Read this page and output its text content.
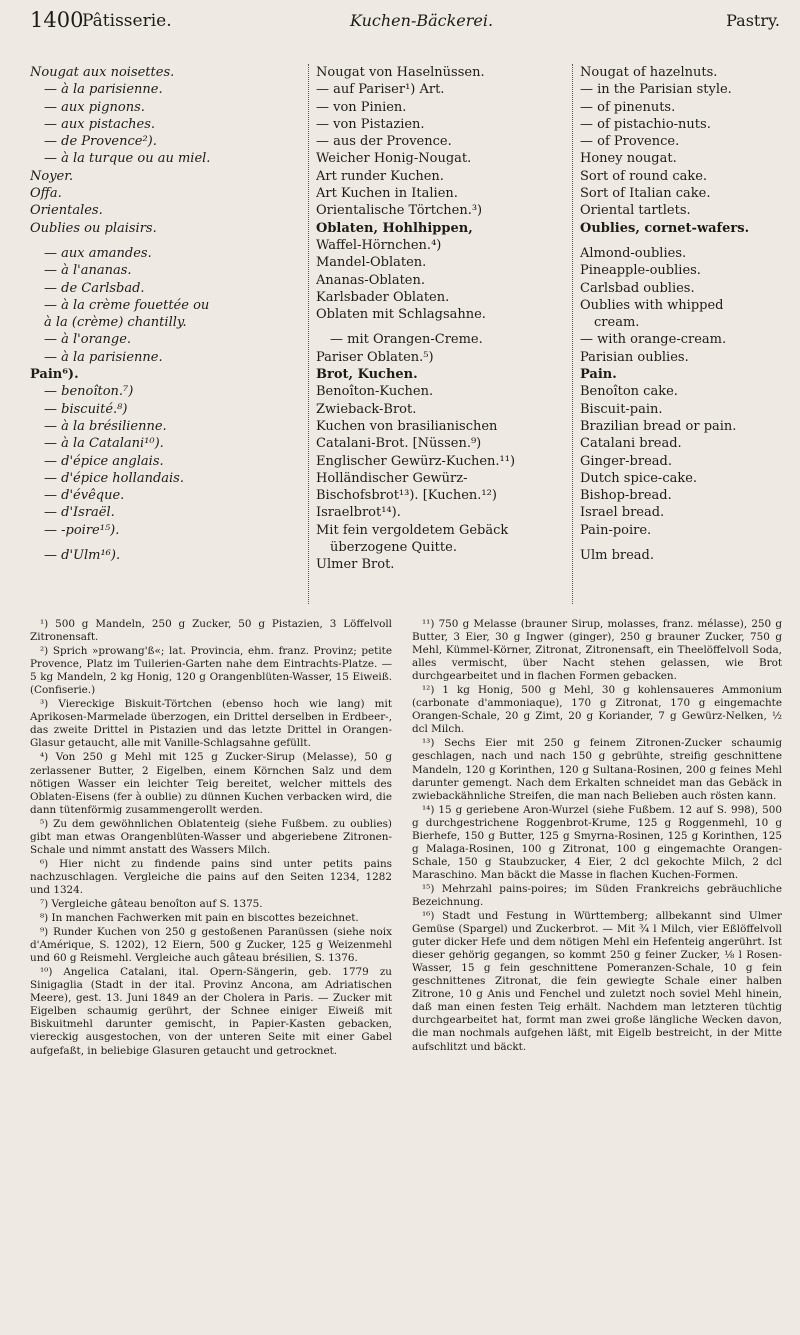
1400
Pâtisserie.	Kuchen-Bäckerei.	Pastry.
Nougat aux noisettes.
— à la parisienne.
— aux pignons.
— aux pistaches.
— de Provence²).
— à la turque ou au miel.
Noyer.
Offa.
Orientales.
Oublies ou plaisirs.
— aux amandes.
— à l'ananas.
— de Carlsbad.
— à la crème fouettée ou
à la (crème) chantilly.
— à l'orange.
— à la parisienne.
Pain⁶).
— benoîton.⁷)
— biscuité.⁸)
— à la brésilienne.
— à la Catalani¹⁰).
— d'épice anglais.
— d'épice hollandais.
— d'évêque.
— d'Israël.
— -poire¹⁵).
— d'Ulm¹⁶).
Nougat von Haselnüssen.
— auf Pariser¹) Art.
— von Pinien.
— von Pistazien.
— aus der Provence.
Weicher Honig-Nougat.
Art runder Kuchen.
Art Kuchen in Italien.
Orientalische Törtchen.³)
Oblaten, Hohlhippen,
Waffel-Hörnchen.⁴)
Mandel-Oblaten.
Ananas-Oblaten.
Karlsbader Oblaten.
Oblaten mit Schlagsahne.
— mit Orangen-Creme.
Pariser Oblaten.⁵)
Brot, Kuchen.
Benoîton-Kuchen.
Zwieback-Brot.
Kuchen von brasilianischen
Catalani-Brot. [Nüssen.⁹)
Englischer Gewürz-Kuchen.¹¹)
Holländischer Gewürz-
Bischofsbrot¹³). [Kuchen.¹²)
Israelbrot¹⁴).
Mit fein vergoldetem Gebäck
überzogene Quitte.
Ulmer Brot.
Nougat of hazelnuts.
— in the Parisian style.
— of pinenuts.
— of pistachio-nuts.
— of Provence.
Honey nougat.
Sort of round cake.
Sort of Italian cake.
Oriental tartlets.
Oublies, cornet-wafers.
Almond-oublies.
Pineapple-oublies.
Carlsbad oublies.
Oublies with whipped
cream.
— with orange-cream.
Parisian oublies.
Pain.
Benoîton cake.
Biscuit-pain.
Brazilian bread or pain.
Catalani bread.
Ginger-bread.
Dutch spice-cake.
Bishop-bread.
Israel bread.
Pain-poire.
Ulm bread.

¹) 500 g Mandeln, 250 g Zucker, 50 g Pistazien, 3 Löffelvoll Zitronensaft.

²) Sprich »prowang'ß«; lat. Provincia, ehm. franz. Provinz; petite Provence, Platz im Tuilerien-Garten nahe dem Eintrachts-Platze. — 5 kg Mandeln, 2 kg Honig, 120 g Orangenblüten-Wasser, 15 Eiweiß. (Confiserie.)

³) Viereckige Biskuit-Törtchen (ebenso hoch wie lang) mit Aprikosen-Marmelade überzogen, ein Drittel derselben in Erdbeer-, das zweite Drittel in Pistazien und das letzte Drittel in Orangen-Glasur getaucht, alle mit Vanille-Schlagsahne gefüllt.

⁴) Von 250 g Mehl mit 125 g Zucker-Sirup (Melasse), 50 g zerlassener Butter, 2 Eigelben, einem Körnchen Salz und dem nötigen Wasser ein leichter Teig bereitet, welcher mittels des Oblaten-Eisens (fer à oublie) zu dünnen Kuchen verbacken wird, die dann tütenförmig zusammengerollt werden.

⁵) Zu dem gewöhnlichen Oblatenteig (siehe Fußbem. zu oublies) gibt man etwas Orangenblüten-Wasser und abgeriebene Zitronen-Schale und nimmt anstatt des Wassers Milch.

⁶) Hier nicht zu findende pains sind unter petits pains nachzuschlagen. Vergleiche die pains auf den Seiten 1234, 1282 und 1324.

⁷) Vergleiche gâteau benoîton auf S. 1375.

⁸) In manchen Fachwerken mit pain en biscottes bezeichnet.

⁹) Runder Kuchen von 250 g gestoßenen Paranüssen (siehe noix d'Amérique, S. 1202), 12 Eiern, 500 g Zucker, 125 g Weizenmehl und 60 g Reismehl. Vergleiche auch gâteau brésilien, S. 1376.

¹⁰) Angelica Catalani, ital. Opern-Sängerin, geb. 1779 zu Sinigaglia (Stadt in der ital. Provinz Ancona, am Adriatischen Meere), gest. 13. Juni 1849 an der Cholera in Paris. — Zucker mit Eigelben schaumig gerührt, der Schnee einiger Eiweiß mit Biskuitmehl darunter gemischt, in Papier-Kasten gebacken, viereckig ausgestochen, von der unteren Seite mit einer Gabel aufgefaßt, in beliebige Glasuren getaucht und getrocknet.

¹¹) 750 g Melasse (brauner Sirup, molasses, franz. mélasse), 250 g Butter, 3 Eier, 30 g Ingwer (ginger), 250 g brauner Zucker, 750 g Mehl, Kümmel-Körner, Zitronat, Zitronensaft, ein Theelöffelvoll Soda, alles vermischt, über Nacht stehen gelassen, wie Brot durchgearbeitet und in flachen Formen gebacken.

¹²) 1 kg Honig, 500 g Mehl, 30 g kohlensaueres Ammonium (carbonate d'ammoniaque), 170 g Zitronat, 170 g eingemachte Orangen-Schale, 20 g Zimt, 20 g Koriander, 7 g Gewürz-Nelken, ½ dcl Milch.

¹³) Sechs Eier mit 250 g feinem Zitronen-Zucker schaumig geschlagen, nach und nach 150 g gebrühte, streifig geschnittene Mandeln, 120 g Korinthen, 120 g Sultana-Rosinen, 200 g feines Mehl darunter gemengt. Nach dem Erkalten schneidet man das Gebäck in zwiebackähnliche Streifen, die man nach Belieben auch rösten kann.

¹⁴) 15 g geriebene Aron-Wurzel (siehe Fußbem. 12 auf S. 998), 500 g durchgestrichene Roggenbrot-Krume, 125 g Roggenmehl, 10 g Bierhefe, 150 g Butter, 125 g Smyrna-Rosinen, 125 g Korinthen, 125 g Malaga-Rosinen, 100 g Zitronat, 100 g eingemachte Orangen-Schale, 150 g Staubzucker, 4 Eier, 2 dcl gekochte Milch, 2 dcl Maraschino. Man bäckt die Masse in flachen Kuchen-Formen.

¹⁵) Mehrzahl pains-poires; im Süden Frankreichs gebräuchliche Bezeichnung.

¹⁶) Stadt und Festung in Württemberg; allbekannt sind Ulmer Gemüse (Spargel) und Zuckerbrot. — Mit ¾ l Milch, vier Eßlöffelvoll guter dicker Hefe und dem nötigen Mehl ein Hefenteig angerührt. Ist dieser gehörig gegangen, so kommt 250 g feiner Zucker, ⅛ l Rosen-Wasser, 15 g fein geschnittene Pomeranzen-Schale, 10 g fein geschnittenes Zitronat, die fein gewiegte Schale einer halben Zitrone, 10 g Anis und Fenchel und zuletzt noch soviel Mehl hinein, daß man einen festen Teig erhält. Nachdem man letzteren tüchtig durchgearbeitet hat, formt man zwei große längliche Wecken davon, die man nochmals aufgehen läßt, mit Eigelb bestreicht, in der Mitte aufschlitzt und bäckt.
